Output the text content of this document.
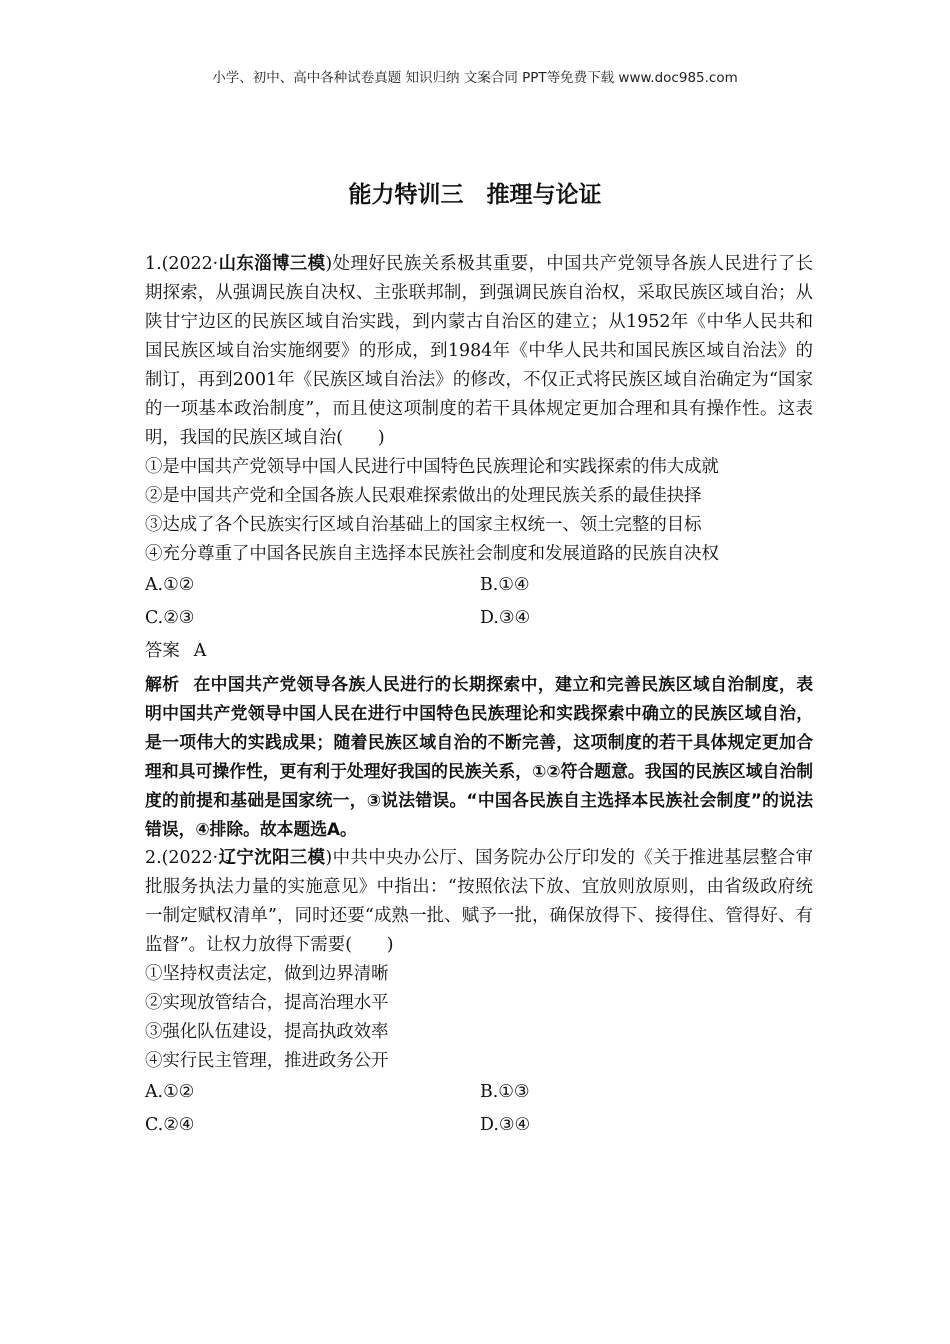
小学、初中、高中各种试卷真题 知识归纳 文案合同 PPT等免费下载 www.doc985.com
能力特训三　推理与论证

1.(2022·山东淄博三模)处理好民族关系极其重要，中国共产党领导各族人民进行了长期探索，从强调民族自决权、主张联邦制，到强调民族自治权，采取民族区域自治；从陕甘宁边区的民族区域自治实践，到内蒙古自治区的建立；从1952年《中华人民共和国民族区域自治实施纲要》的形成，到1984年《中华人民共和国民族区域自治法》的制订，再到2001年《民族区域自治法》的修改，不仅正式将民族区域自治确定为“国家的一项基本政治制度”，而且使这项制度的若干具体规定更加合理和具有操作性。这表明，我国的民族区域自治(　　)

①是中国共产党领导中国人民进行中国特色民族理论和实践探索的伟大成就
②是中国共产党和全国各族人民艰难探索做出的处理民族关系的最佳抉择
③达成了各个民族实行区域自治基础上的国家主权统一、领土完整的目标
④充分尊重了中国各民族自主选择本民族社会制度和发展道路的民族自决权
A.①②	B.①④
C.②③	D.③④
答案 A

解析 在中国共产党领导各族人民进行的长期探索中，建立和完善民族区域自治制度，表明中国共产党领导中国人民在进行中国特色民族理论和实践探索中确立的民族区域自治，是一项伟大的实践成果；随着民族区域自治的不断完善，这项制度的若干具体规定更加合理和具可操作性，更有利于处理好我国的民族关系，①②符合题意。我国的民族区域自治制度的前提和基础是国家统一，③说法错误。“中国各民族自主选择本民族社会制度”的说法错误，④排除。故本题选A。

2.(2022·辽宁沈阳三模)中共中央办公厅、国务院办公厅印发的《关于推进基层整合审批服务执法力量的实施意见》中指出：“按照依法下放、宜放则放原则，由省级政府统一制定赋权清单”，同时还要“成熟一批、赋予一批，确保放得下、接得住、管得好、有监督”。让权力放得下需要(　　)

①坚持权责法定，做到边界清晰
②实现放管结合，提高治理水平
③强化队伍建设，提高执政效率
④实行民主管理，推进政务公开
A.①②	B.①③
C.②④	D.③④
